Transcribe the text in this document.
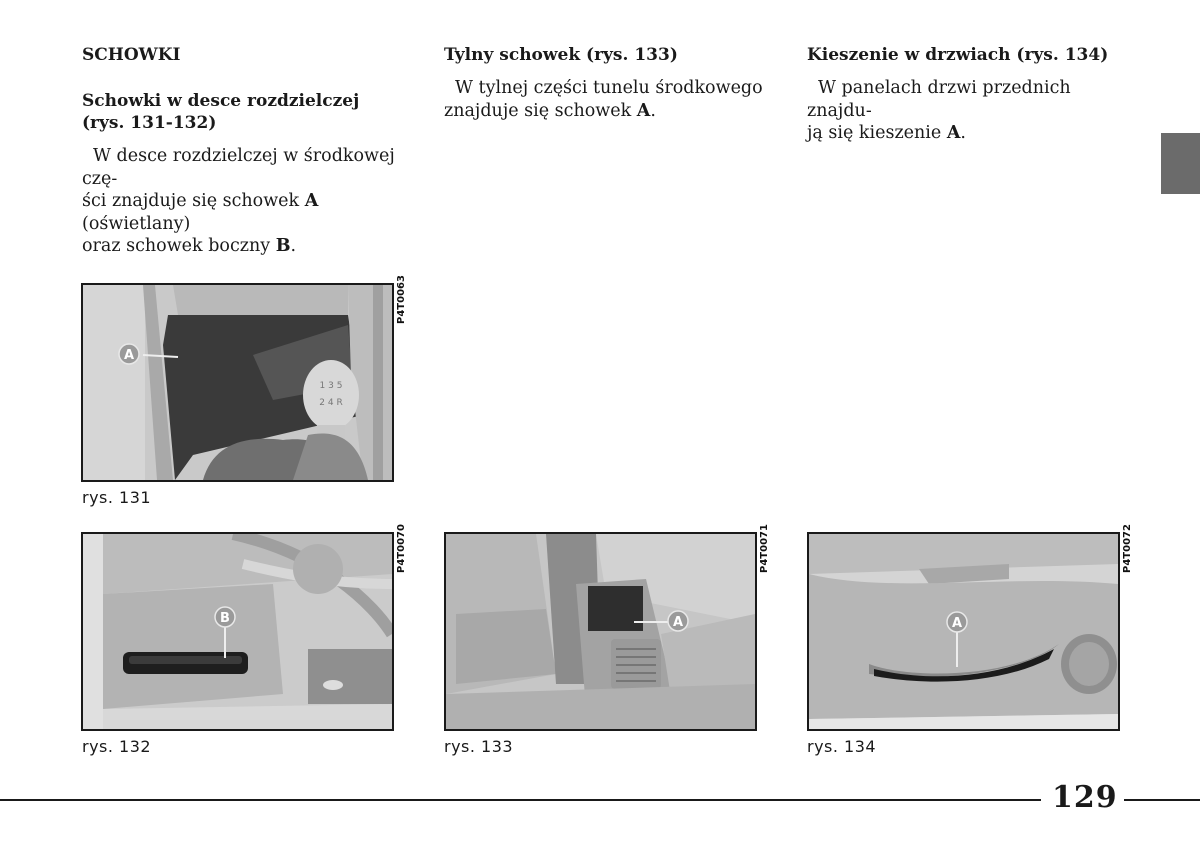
SCHOWKI
Schowki w desce rozdzielczej
(rys. 131-132)

W desce rozdzielczej w środkowej czę-

ści znajduje się schowek A (oświetlany)
oraz schowek boczny B.
Tylny schowek (rys. 133)

W tylnej części tunelu środkowego

znajduje się schowek A.
Kieszenie w drzwiach (rys. 134)

W panelach drzwi przednich znajdu-

ją się kieszenie A.
A
1 3 5
2 4 R
P4T0063
rys. 131
B
P4T0070
rys. 132
A
P4T0071
rys. 133
A
P4T0072
rys. 134
129
